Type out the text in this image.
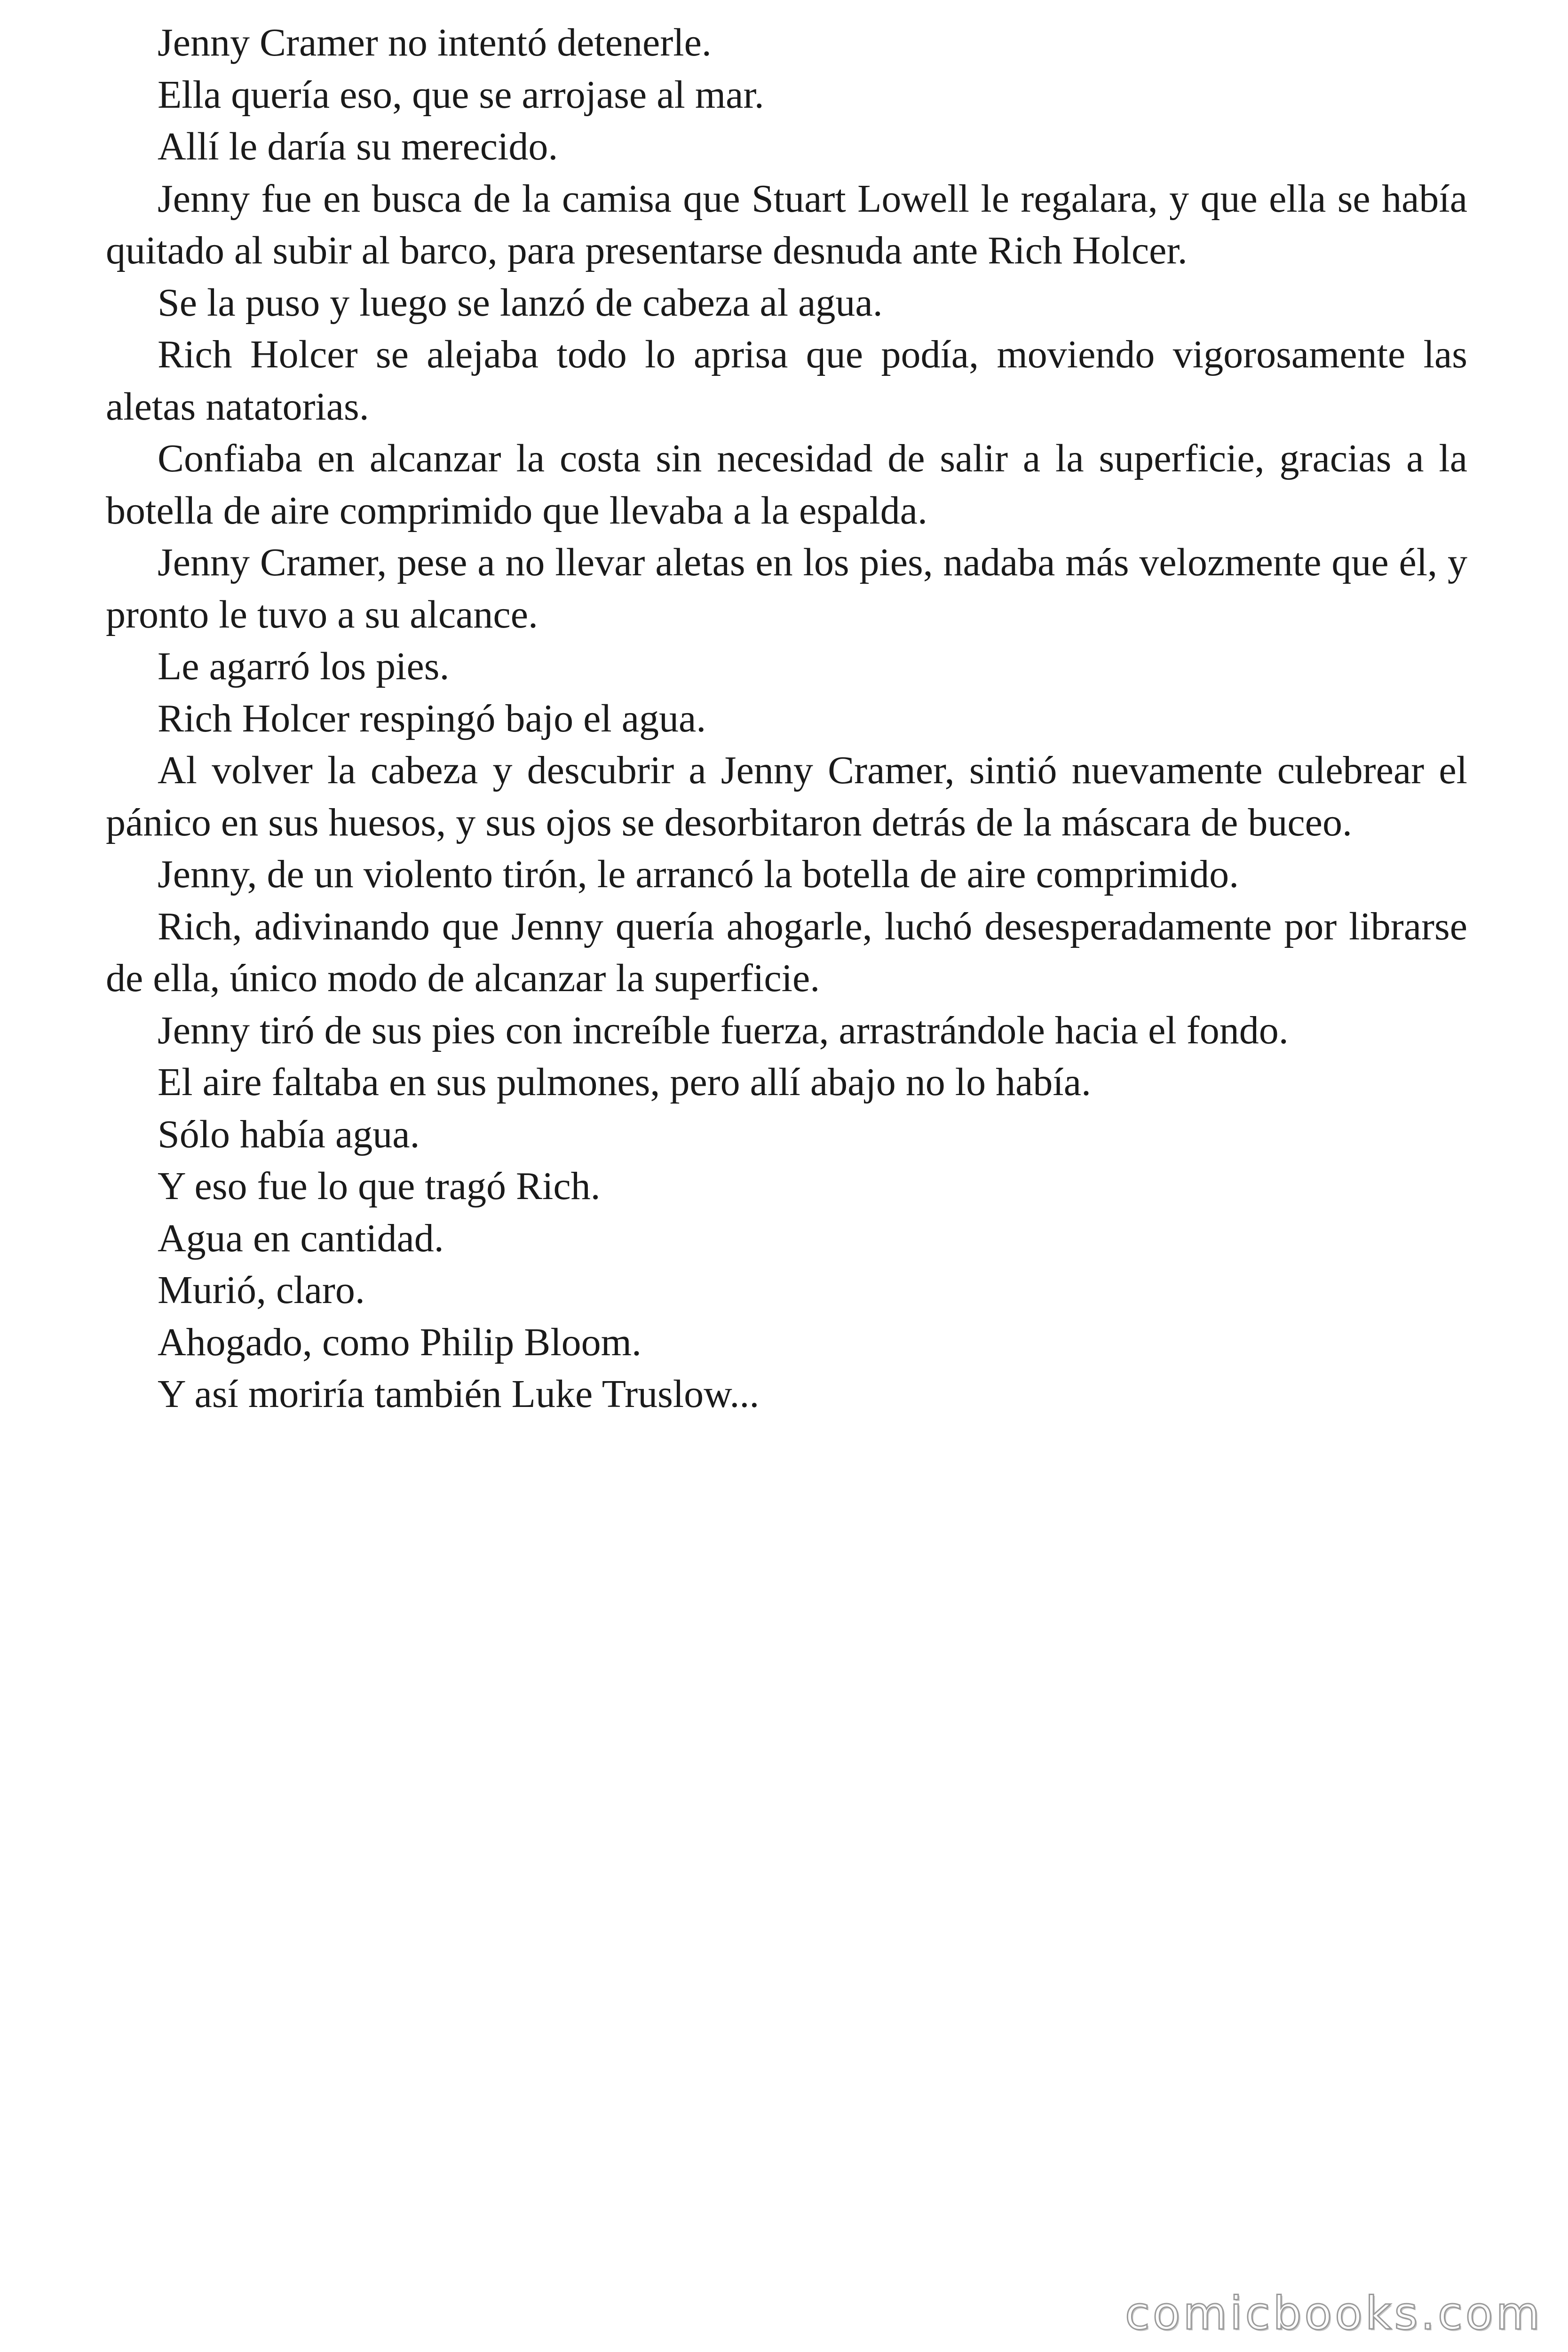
Jenny Cramer no intentó detenerle.

Ella quería eso, que se arrojase al mar.

Allí le daría su merecido.

Jenny fue en busca de la camisa que Stuart Lowell le regalara, y que ella se había quitado al subir al barco, para presentarse desnuda ante Rich Holcer.

Se la puso y luego se lanzó de cabeza al agua.

Rich Holcer se alejaba todo lo aprisa que podía, moviendo vigorosamente las aletas natatorias.

Confiaba en alcanzar la costa sin necesidad de salir a la superficie, gracias a la botella de aire comprimido que llevaba a la espalda.

Jenny Cramer, pese a no llevar aletas en los pies, nadaba más velozmente que él, y pronto le tuvo a su alcance.

Le agarró los pies.

Rich Holcer respingó bajo el agua.

Al volver la cabeza y descubrir a Jenny Cramer, sintió nuevamente culebrear el pánico en sus huesos, y sus ojos se desorbitaron detrás de la máscara de buceo.

Jenny, de un violento tirón, le arrancó la botella de aire comprimido.

Rich, adivinando que Jenny quería ahogarle, luchó desesperadamente por librarse de ella, único modo de alcanzar la superficie.

Jenny tiró de sus pies con increíble fuerza, arrastrándole hacia el fondo.

El aire faltaba en sus pulmones, pero allí abajo no lo había.

Sólo había agua.

Y eso fue lo que tragó Rich.

Agua en cantidad.

Murió, claro.

Ahogado, como Philip Bloom.

Y así moriría también Luke Truslow...

comicbooks.com
